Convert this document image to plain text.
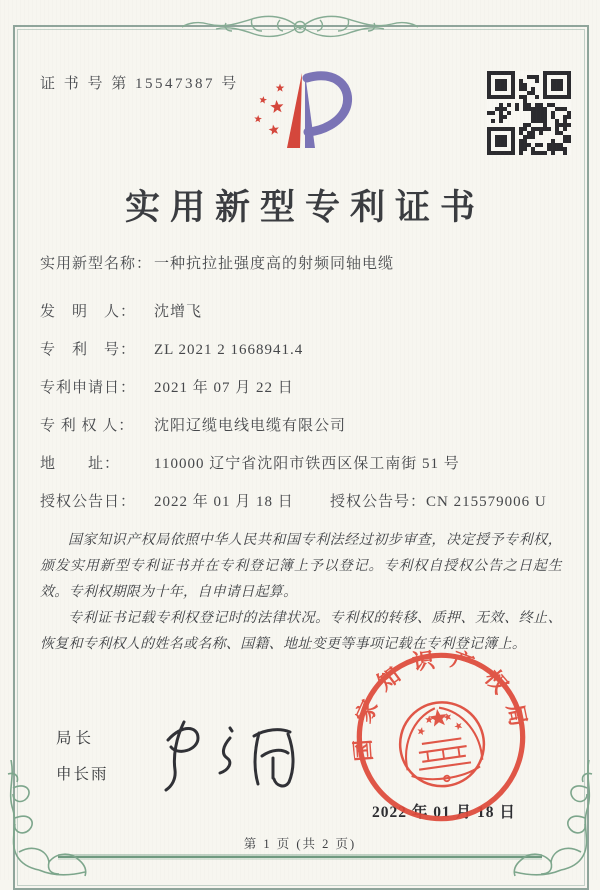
证 书 号 第 15547387 号
实用新型专利证书
实用新型名称： 一种抗拉扯强度高的射频同轴电缆
发　明　人： 沈增飞
专　利　号： ZL 2021 2 1668941.4
专利申请日： 2021 年 07 月 22 日
专 利 权 人： 沈阳辽缆电线电缆有限公司
地　　址： 110000 辽宁省沈阳市铁西区保工南街 51 号
授权公告日： 2022 年 01 月 18 日 授权公告号：CN 215579006 U

国家知识产权局依照中华人民共和国专利法经过初步审查，决定授予专利权，颁发实用新型专利证书并在专利登记簿上予以登记。专利权自授权公告之日起生效。专利权期限为十年，自申请日起算。

专利证书记载专利权登记时的法律状况。专利权的转移、质押、无效、终止、恢复和专利权人的姓名或名称、国籍、地址变更等事项记载在专利登记簿上。

局长
申长雨
2022 年 01 月 18 日
国家知识产权局
第 1 页 (共 2 页)
